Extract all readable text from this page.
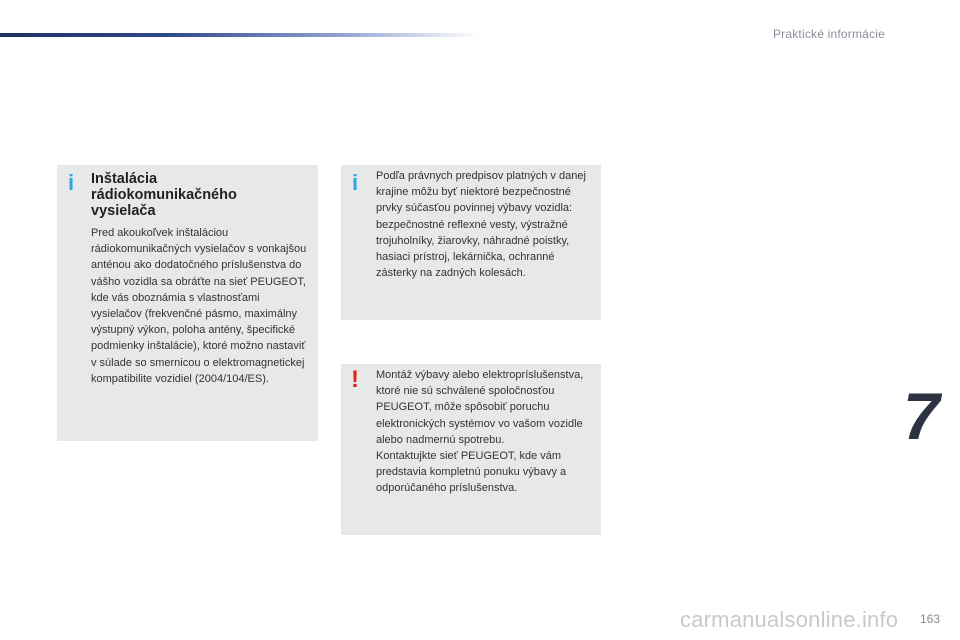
Praktické informácie
i Inštalácia rádiokomunikačného vysielača

Pred akoukoľvek inštaláciou rádiokomunikačných vysielačov s vonkajšou anténou ako dodatočného príslušenstva do vášho vozidla sa obráťte na sieť PEUGEOT, kde vás oboznámia s vlastnosťami vysielačov (frekvenčné pásmo, maximálny výstupný výkon, poloha antény, špecifické podmienky inštalácie), ktoré možno nastaviť v súlade so smernicou o elektromagnetickej kompatibilite vozidiel (2004/104/ES).

i Podľa právnych predpisov platných v danej krajine môžu byť niektoré bezpečnostné prvky súčasťou povinnej výbavy vozidla: bezpečnostné reflexné vesty, výstražné trojuholníky, žiarovky, náhradné poistky, hasiaci prístroj, lekárnička, ochranné zásterky na zadných kolesách.

! Montáž výbavy alebo elektropríslušenstva, ktoré nie sú schválené spoločnosťou PEUGEOT, môže spôsobiť poruchu elektronických systémov vo vašom vozidle alebo nadmernú spotrebu.

Kontaktujkte sieť PEUGEOT, kde vám predstavia kompletnú ponuku výbavy a odporúčaného príslušenstva.

7
carmanualsonline.info 163
